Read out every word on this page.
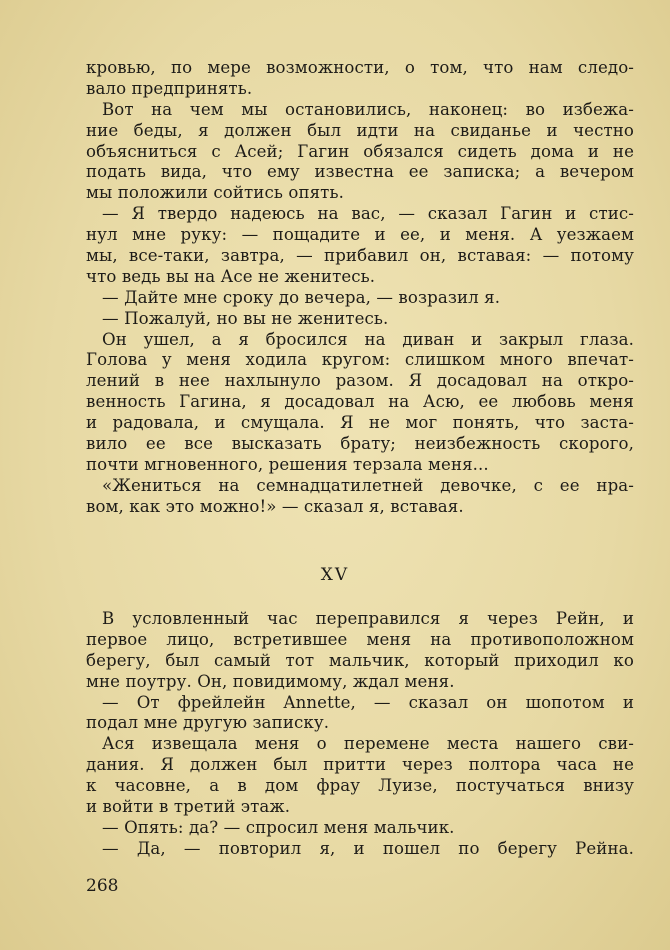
кровью, по мере возможности, о том, что нам следо-
вало предпринять.
Вот на чем мы остановились, наконец: во избежа-
ние беды, я должен был идти на свиданье и честно
объясниться с Асей; Гагин обязался сидеть дома и не
подать вида, что ему известна ее записка; а вечером
мы положили сойтись опять.
— Я твердо надеюсь на вас, — сказал Гагин и стис-
нул мне руку: — пощадите и ее, и меня. А уезжаем
мы, все-таки, завтра, — прибавил он, вставая: — потому
что ведь вы на Асе не женитесь.
— Дайте мне сроку до вечера, — возразил я.
— Пожалуй, но вы не женитесь.
Он ушел, а я бросился на диван и закрыл глаза.
Голова у меня ходила кругом: слишком много впечат-
лений в нее нахлынуло разом. Я досадовал на откро-
венность Гагина, я досадовал на Асю, ее любовь меня
и радовала, и смущала. Я не мог понять, что заста-
вило ее все высказать брату; неизбежность скорого,
почти мгновенного, решения терзала меня...
«Жениться на семнадцатилетней девочке, с ее нра-
вом, как это можно!» — сказал я, вставая.
XV
В условленный час переправился я через Рейн, и
первое лицо, встретившее меня на противоположном
берегу, был самый тот мальчик, который приходил ко
мне поутру. Он, повидимому, ждал меня.
— От фрейлейн Annette, — сказал он шопотом и
подал мне другую записку.
Ася извещала меня о перемене места нашего сви-
дания. Я должен был притти через полтора часа не
к часовне, а в дом фрау Луизе, постучаться внизу
и войти в третий этаж.
— Опять: да? — спросил меня мальчик.
— Да, — повторил я, и пошел по берегу Рейна.
268
